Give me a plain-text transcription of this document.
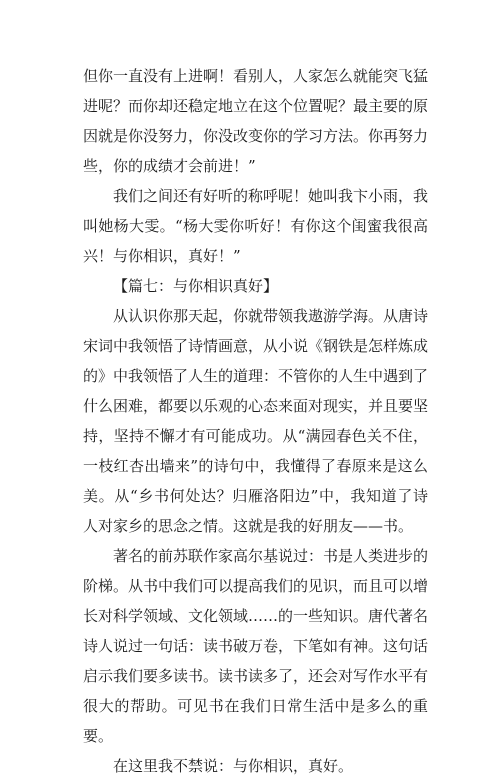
但你一直没有上进啊！看别人，人家怎么就能突飞猛进呢？而你却还稳定地立在这个位置呢？最主要的原因就是你没努力，你没改变你的学习方法。你再努力些，你的成绩才会前进！”

我们之间还有好听的称呼呢！她叫我卞小雨，我叫她杨大雯。“杨大雯你听好！有你这个闺蜜我很高兴！与你相识，真好！”

【篇七：与你相识真好】

从认识你那天起，你就带领我遨游学海。从唐诗宋词中我领悟了诗情画意，从小说《钢铁是怎样炼成的》中我领悟了人生的道理：不管你的人生中遇到了什么困难，都要以乐观的心态来面对现实，并且要坚持，坚持不懈才有可能成功。从“满园春色关不住，一枝红杏出墙来”的诗句中，我懂得了春原来是这么美。从“乡书何处达？归雁洛阳边”中，我知道了诗人对家乡的思念之情。这就是我的好朋友——书。

著名的前苏联作家高尔基说过：书是人类进步的阶梯。从书中我们可以提高我们的见识，而且可以增长对科学领域、文化领域……的一些知识。唐代著名诗人说过一句话：读书破万卷，下笔如有神。这句话启示我们要多读书。读书读多了，还会对写作水平有很大的帮助。可见书在我们日常生活中是多么的重要。

在这里我不禁说：与你相识，真好。
